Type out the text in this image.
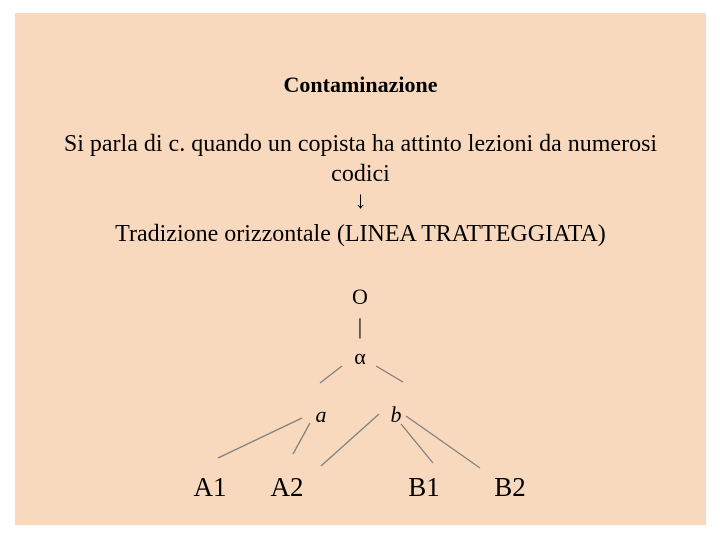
Contaminazione
Si parla di c. quando un copista ha attinto lezioni da numerosi
codici
↓
Tradizione orizzontale (LINEA TRATTEGGIATA)
O
|
α
a	b
A1	A2	B1	B2
